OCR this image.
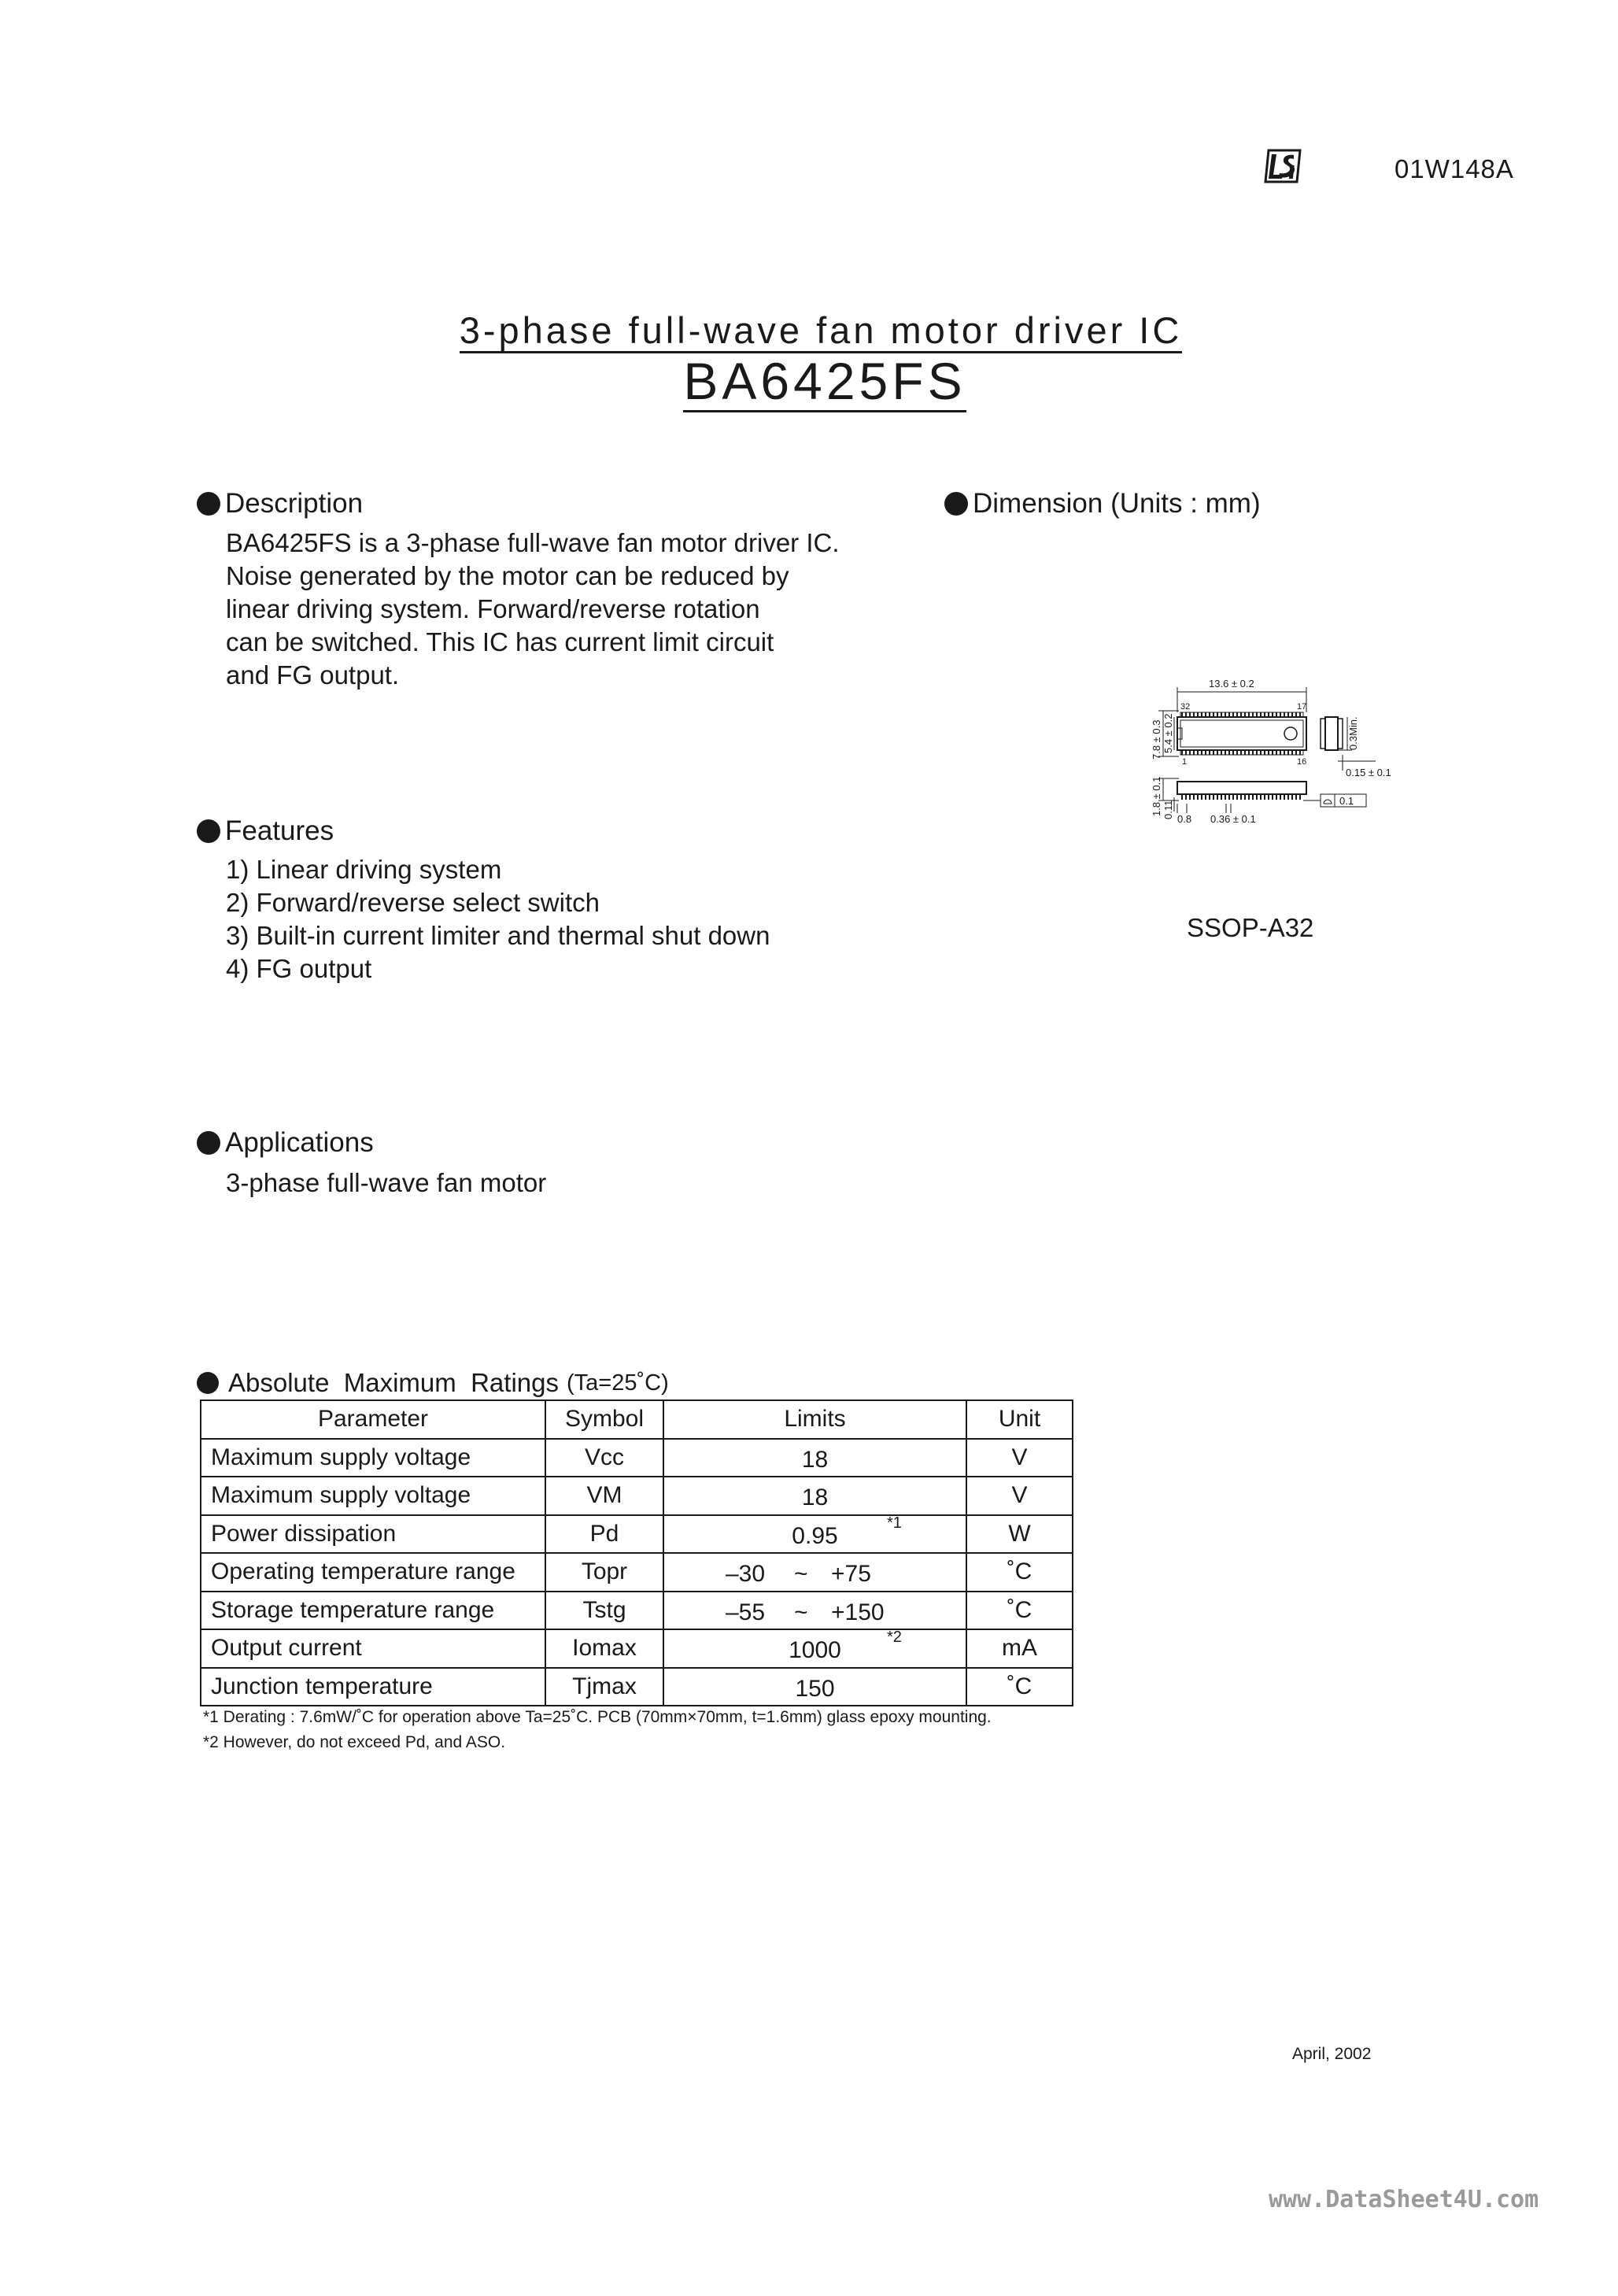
01W148A
3-phase full-wave fan motor driver IC
BA6425FS
Description
BA6425FS is a 3-phase full-wave fan motor driver IC.
Noise generated by the motor can be reduced by
linear driving system. Forward/reverse rotation
can be switched. This IC has current limit circuit
and FG output.
Dimension (Units : mm)
13.6 ± 0.2
32	17
1	16
7.8 ± 0.3 5.4 ± 0.2	0.3Min.
0.15 ± 0.1
1.8 ± 0.1 0.11 0.8 0.36 ± 0.1
0.1
SSOP-A32
Features
1) Linear driving system
2) Forward/reverse select switch
3) Built-in current limiter and thermal shut down
4) FG output
Applications
3-phase full-wave fan motor
Absolute  Maximum  Ratings (Ta=25˚C)
Parameter	Symbol	Limits	Unit
Maximum supply voltage	Vcc	18	V
Maximum supply voltage	VM	18	V
Power dissipation	Pd	0.95 *1	W
Operating temperature range	Topr	–30 ~ +75	˚C
Storage temperature range	Tstg	–55 ~ +150	˚C
Output current	Iomax	1000 *2	mA
Junction temperature	Tjmax	150	˚C
*1 Derating : 7.6mW/˚C for operation above Ta=25˚C. PCB (70mm×70mm, t=1.6mm) glass epoxy mounting.
*2 However, do not exceed Pd, and ASO.
April, 2002
www.DataSheet4U.com
